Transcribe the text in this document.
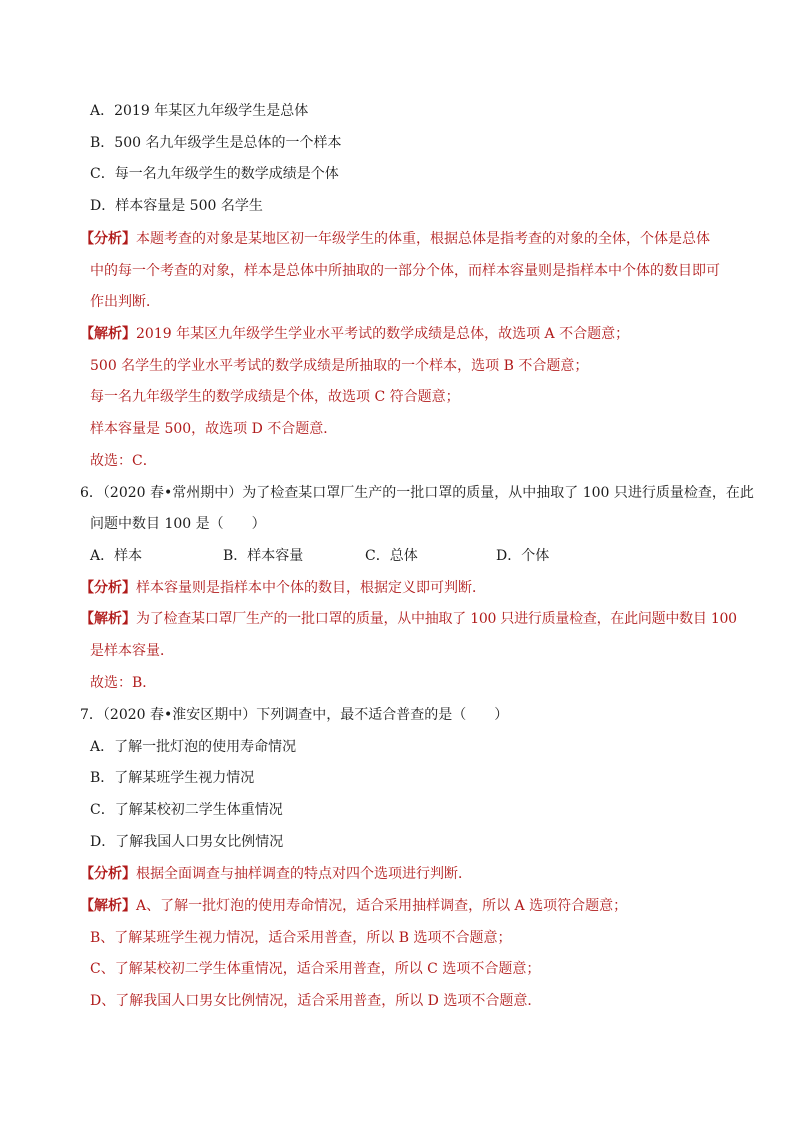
A．2019 年某区九年级学生是总体
B．500 名九年级学生是总体的一个样本
C．每一名九年级学生的数学成绩是个体
D．样本容量是 500 名学生
【分析】本题考查的对象是某地区初一年级学生的体重，根据总体是指考查的对象的全体，个体是总体
中的每一个考查的对象，样本是总体中所抽取的一部分个体，而样本容量则是指样本中个体的数目即可
作出判断．
【解析】2019 年某区九年级学生学业水平考试的数学成绩是总体，故选项 A 不合题意；
500 名学生的学业水平考试的数学成绩是所抽取的一个样本，选项 B 不合题意；
每一名九年级学生的数学成绩是个体，故选项 C 符合题意；
样本容量是 500，故选项 D 不合题意．
故选：C．
6．（2020 春•常州期中）为了检查某口罩厂生产的一批口罩的质量，从中抽取了 100 只进行质量检查，在此
问题中数目 100 是（　　）
A．样本	B．样本容量	C．总体	D．个体
【分析】样本容量则是指样本中个体的数目，根据定义即可判断．
【解析】为了检查某口罩厂生产的一批口罩的质量，从中抽取了 100 只进行质量检查，在此问题中数目 100
是样本容量．
故选：B．
7．（2020 春•淮安区期中）下列调查中，最不适合普查的是（　　）
A．了解一批灯泡的使用寿命情况
B．了解某班学生视力情况
C．了解某校初二学生体重情况
D．了解我国人口男女比例情况
【分析】根据全面调查与抽样调查的特点对四个选项进行判断．
【解析】A、了解一批灯泡的使用寿命情况，适合采用抽样调查，所以 A 选项符合题意；
B、了解某班学生视力情况，适合采用普查，所以 B 选项不合题意；
C、了解某校初二学生体重情况，适合采用普查，所以 C 选项不合题意；
D、了解我国人口男女比例情况，适合采用普查，所以 D 选项不合题意．
